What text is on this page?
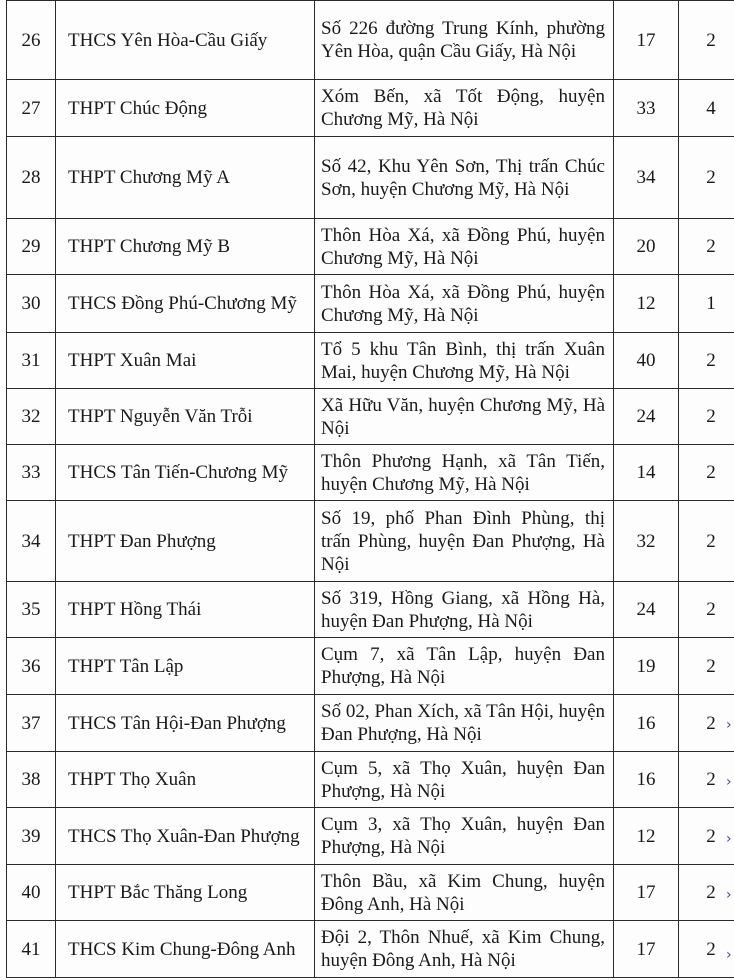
26	THCS Yên Hòa-Cầu Giấy	Số 226 đường Trung Kính, phường Yên Hòa, quận Cầu Giấy, Hà Nội	17	2
27	THPT Chúc Động	Xóm Bến, xã Tốt Động, huyện Chương Mỹ, Hà Nội	33	4
28	THPT Chương Mỹ A	Số 42, Khu Yên Sơn, Thị trấn Chúc Sơn, huyện Chương Mỹ, Hà Nội	34	2
29	THPT Chương Mỹ B	Thôn Hòa Xá, xã Đồng Phú, huyện Chương Mỹ, Hà Nội	20	2
30	THCS Đồng Phú-Chương Mỹ	Thôn Hòa Xá, xã Đồng Phú, huyện Chương Mỹ, Hà Nội	12	1
31	THPT Xuân Mai	Tổ 5 khu Tân Bình, thị trấn Xuân Mai, huyện Chương Mỹ, Hà Nội	40	2
32	THPT Nguyễn Văn Trỗi	Xã Hữu Văn, huyện Chương Mỹ, Hà Nội	24	2
33	THCS Tân Tiến-Chương Mỹ	Thôn Phương Hạnh, xã Tân Tiến, huyện Chương Mỹ, Hà Nội	14	2
34	THPT Đan Phượng	Số 19, phố Phan Đình Phùng, thị trấn Phùng, huyện Đan Phượng, Hà Nội	32	2
35	THPT Hồng Thái	Số 319, Hồng Giang, xã Hồng Hà, huyện Đan Phượng, Hà Nội	24	2
36	THPT Tân Lập	Cụm 7, xã Tân Lập, huyện Đan Phượng, Hà Nội	19	2
37	THCS Tân Hội-Đan Phượng	Số 02, Phan Xích, xã Tân Hội, huyện Đan Phượng, Hà Nội	16	2
38	THPT Thọ Xuân	Cụm 5, xã Thọ Xuân, huyện Đan Phượng, Hà Nội	16	2
39	THCS Thọ Xuân-Đan Phượng	Cụm 3, xã Thọ Xuân, huyện Đan Phượng, Hà Nội	12	2
40	THPT Bắc Thăng Long	Thôn Bầu, xã Kim Chung, huyện Đông Anh, Hà Nội	17	2
41	THCS Kim Chung-Đông Anh	Đội 2, Thôn Nhuế, xã Kim Chung, huyện Đông Anh, Hà Nội	17	2
›
›
›
›
›
